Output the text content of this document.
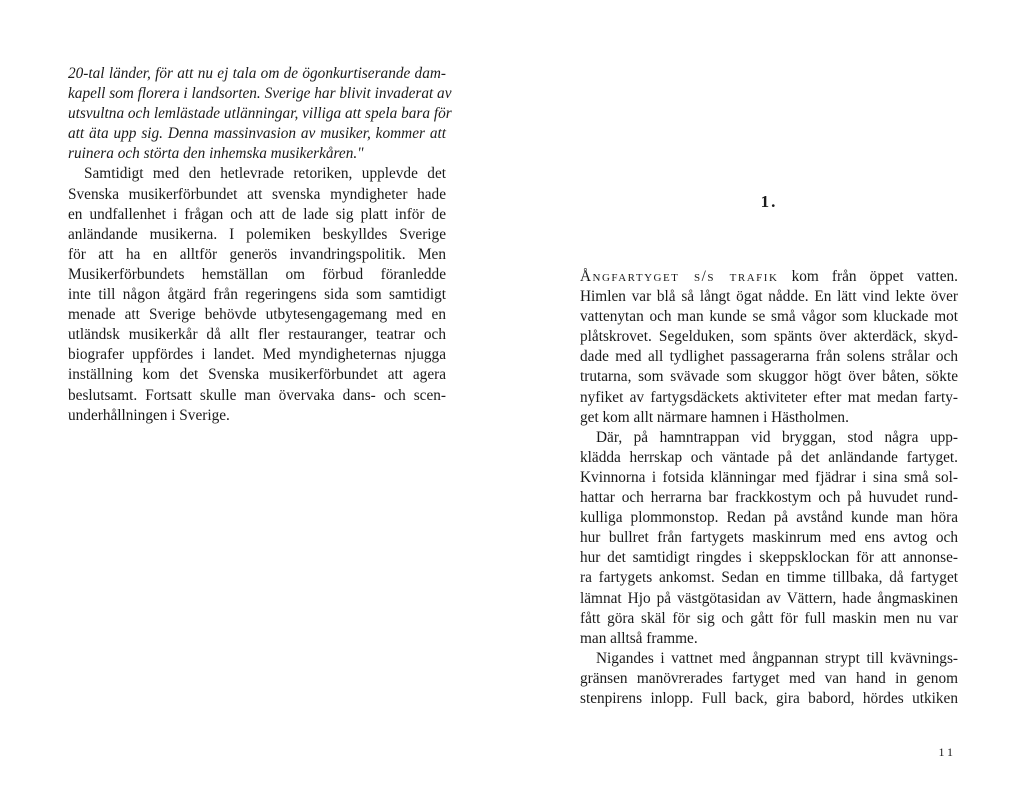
20-tal länder, för att nu ej tala om de ögonkurtiserande dam-
kapell som florera i landsorten. Sverige har blivit invaderat av
utsvultna och lemlästade utlänningar, villiga att spela bara för
att äta upp sig. Denna massinvasion av musiker, kommer att
ruinera och störta den inhemska musikerkåren."

Samtidigt med den hetlevrade retoriken, upplevde det
Svenska musikerförbundet att svenska myndigheter hade
en undfallenhet i frågan och att de lade sig platt inför de
anländande musikerna. I polemiken beskylldes Sverige
för att ha en alltför generös invandringspolitik. Men
Musikerförbundets hemställan om förbud föranledde
inte till någon åtgärd från regeringens sida som samtidigt
menade att Sverige behövde utbytesengagemang med en
utländsk musikerkår då allt fler restauranger, teatrar och
biografer uppfördes i landet. Med myndigheternas njugga
inställning kom det Svenska musikerförbundet att agera
beslutsamt. Fortsatt skulle man övervaka dans- och scen-
underhållningen i Sverige.

1.

Ångfartyget s/s trafik kom från öppet vatten.
Himlen var blå så långt ögat nådde. En lätt vind lekte över
vattenytan och man kunde se små vågor som kluckade mot
plåtskrovet. Segelduken, som spänts över akterdäck, skyd-
dade med all tydlighet passagerarna från solens strålar och
trutarna, som svävade som skuggor högt över båten, sökte
nyfiket av fartygsdäckets aktiviteter efter mat medan farty-
get kom allt närmare hamnen i Hästholmen.

Där, på hamntrappan vid bryggan, stod några upp-
klädda herrskap och väntade på det anländande fartyget.
Kvinnorna i fotsida klänningar med fjädrar i sina små sol-
hattar och herrarna bar frackkostym och på huvudet rund-
kulliga plommonstop. Redan på avstånd kunde man höra
hur bullret från fartygets maskinrum med ens avtog och
hur det samtidigt ringdes i skeppsklockan för att annonse-
ra fartygets ankomst. Sedan en timme tillbaka, då fartyget
lämnat Hjo på västgötasidan av Vättern, hade ångmaskinen
fått göra skäl för sig och gått för full maskin men nu var
man alltså framme.

Nigandes i vattnet med ångpannan strypt till kvävnings-
gränsen manövrerades fartyget med van hand in genom
stenpirens inlopp. Full back, gira babord, hördes utkiken

11
